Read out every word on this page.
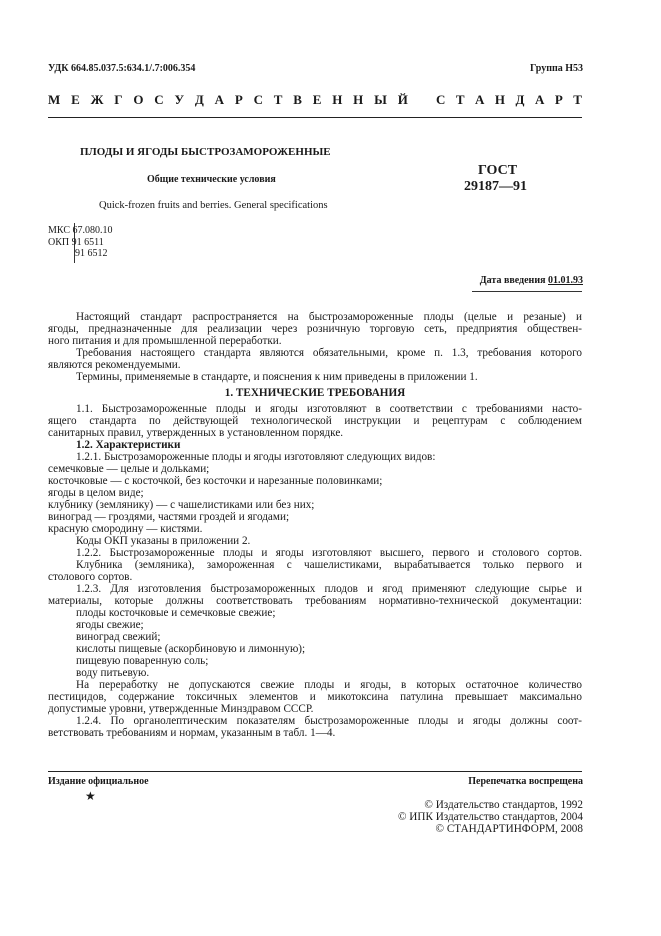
УДК 664.85.037.5:634.1/.7:006.354	Группа Н53
М Е Ж Г О С У Д А Р С Т В Е Н Н Ы Й С Т А Н Д А Р Т
ПЛОДЫ И ЯГОДЫ БЫСТРОЗАМОРОЖЕННЫЕ
Общие технические условия
Quick-frozen fruits and berries. General specifications
ГОСТ
29187—91
МКС 67.080.10
ОКП 91 6511
91 6512
Дата введения 01.01.93
Настоящий стандарт распространяется на быстрозамороженные плоды (целые и резаные) и
ягоды, предназначенные для реализации через розничную торговую сеть, предприятия обществен-
ного питания и для промышленной переработки.
Требования настоящего стандарта являются обязательными, кроме п. 1.3, требования которого
являются рекомендуемыми.
Термины, применяемые в стандарте, и пояснения к ним приведены в приложении 1.
1. ТЕХНИЧЕСКИЕ ТРЕБОВАНИЯ
1.1. Быстрозамороженные плоды и ягоды изготовляют в соответствии с требованиями насто-
ящего стандарта по действующей технологической инструкции и рецептурам с соблюдением
санитарных правил, утвержденных в установленном порядке.
1.2. Характеристики
1.2.1. Быстрозамороженные плоды и ягоды изготовляют следующих видов:
семечковые — целые и дольками;
косточковые — с косточкой, без косточки и нарезанные половинками;
ягоды в целом виде;
клубнику (землянику) — с чашелистиками или без них;
виноград — гроздями, частями гроздей и ягодами;
красную смородину — кистями.
Коды ОКП указаны в приложении 2.
1.2.2. Быстрозамороженные плоды и ягоды изготовляют высшего, первого и столового сортов.
Клубника (земляника), замороженная с чашелистиками, вырабатывается только первого и
столового сортов.
1.2.3. Для изготовления быстрозамороженных плодов и ягод применяют следующие сырье и
материалы, которые должны соответствовать требованиям нормативно-технической документации:
плоды косточковые и семечковые свежие;
ягоды свежие;
виноград свежий;
кислоты пищевые (аскорбиновую и лимонную);
пищевую поваренную соль;
воду питьевую.
На переработку не допускаются свежие плоды и ягоды, в которых остаточное количество
пестицидов, содержание токсичных элементов и микотоксина патулина превышает максимально
допустимые уровни, утвержденные Минздравом СССР.
1.2.4. По органолептическим показателям быстрозамороженные плоды и ягоды должны соот-
ветствовать требованиям и нормам, указанным в табл. 1—4.
Издание официальное	Перепечатка воспрещена
★
© Издательство стандартов, 1992
© ИПК Издательство стандартов, 2004
© СТАНДАРТИНФОРМ, 2008
